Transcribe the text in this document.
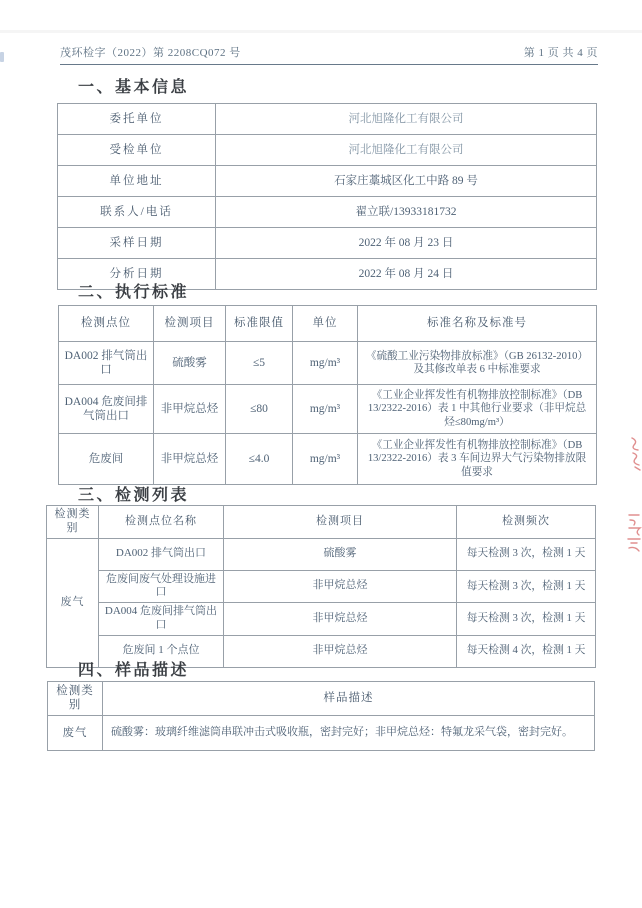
茂环检字（2022）第 2208CQ072 号	第 1 页 共 4 页
一、基本信息
委托单位	河北旭隆化工有限公司
受检单位	河北旭隆化工有限公司
单位地址	石家庄藁城区化工中路 89 号
联系人/电话	翟立联/13933181732
采样日期	2022 年 08 月 23 日
分析日期	2022 年 08 月 24 日
二、执行标准
检测点位	检测项目	标准限值	单位	标准名称及标准号
DA002 排气筒出口	硫酸雾	≤5	mg/m³	《硫酸工业污染物排放标准》（GB 26132-2010）及其修改单表 6 中标准要求
DA004 危废间排气筒出口	非甲烷总烃	≤80	mg/m³	《工业企业挥发性有机物排放控制标准》（DB 13/2322-2016）表 1 中其他行业要求（非甲烷总烃≤80mg/m³）
危废间	非甲烷总烃	≤4.0	mg/m³	《工业企业挥发性有机物排放控制标准》（DB 13/2322-2016）表 3 车间边界大气污染物排放限值要求
三、检测列表
检测类别	检测点位名称	检测项目	检测频次
废气	DA002 排气筒出口	硫酸雾	每天检测 3 次，检测 1 天
	危废间废气处理设施进口	非甲烷总烃	每天检测 3 次，检测 1 天
	DA004 危废间排气筒出口	非甲烷总烃	每天检测 3 次，检测 1 天
	危废间 1 个点位	非甲烷总烃	每天检测 4 次，检测 1 天
四、样品描述
检测类别	样品描述
废气	硫酸雾：玻璃纤维滤筒串联冲击式吸收瓶，密封完好；非甲烷总烃：特氟龙采气袋，密封完好。
